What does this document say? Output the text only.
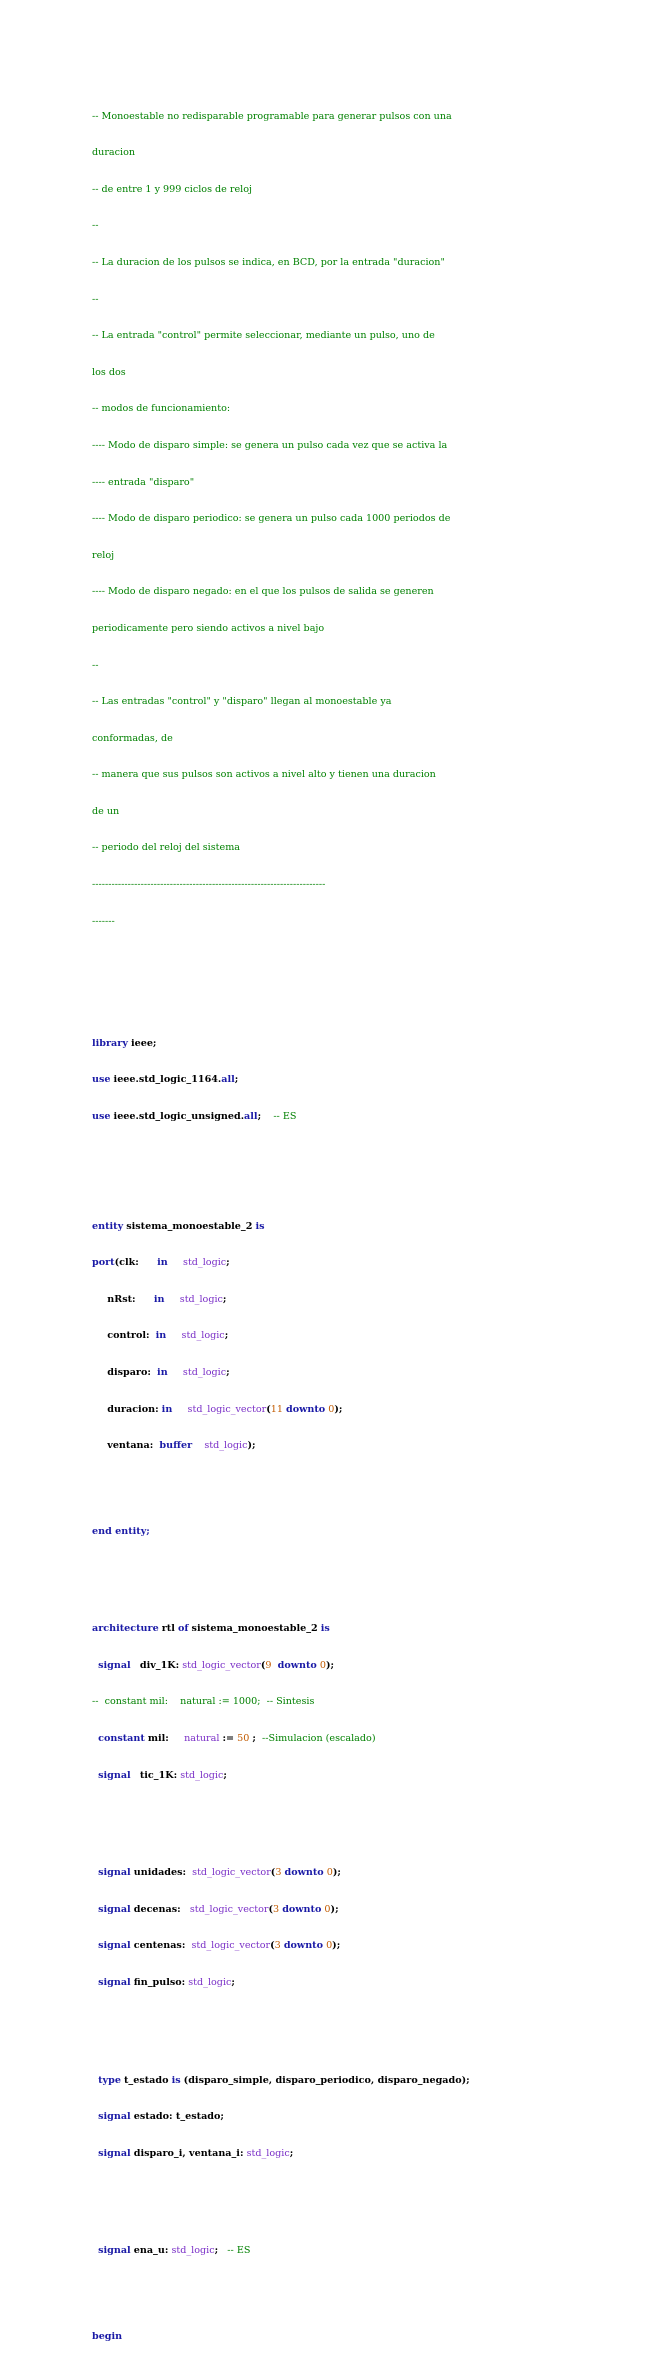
-- Monoestable no redisparable programable para generar pulsos con una

duracion

-- de entre 1 y 999 ciclos de reloj

--

-- La duracion de los pulsos se indica, en BCD, por la entrada "duracion"

--

-- La entrada "control" permite seleccionar, mediante un pulso, uno de

los dos

-- modos de funcionamiento:

---- Modo de disparo simple: se genera un pulso cada vez que se activa la

---- entrada "disparo"

---- Modo de disparo periodico: se genera un pulso cada 1000 periodos de

reloj

---- Modo de disparo negado: en el que los pulsos de salida se generen

periodicamente pero siendo activos a nivel bajo

--

-- Las entradas "control" y "disparo" llegan al monoestable ya

conformadas, de

-- manera que sus pulsos son activos a nivel alto y tienen una duracion

de un

-- periodo del reloj del sistema

------------------------------------------------------------------------

-------

library ieee;

use ieee.std_logic_1164.all;

use ieee.std_logic_unsigned.all; -- ES

entity sistema_monoestable_2 is

port(clk: in std_logic;

nRst: in std_logic;

control: in std_logic;

disparo: in std_logic;

duracion: in std_logic_vector(11 downto 0);

ventana: buffer std_logic);

end entity;

architecture rtl of sistema_monoestable_2 is

signal div_1K: std_logic_vector(9 downto 0);

--  constant mil:    natural := 1000;  -- Sintesis

constant mil: natural := 50 ; --Simulacion (escalado)

signal tic_1K: std_logic;

signal unidades: std_logic_vector(3 downto 0);

signal decenas: std_logic_vector(3 downto 0);

signal centenas: std_logic_vector(3 downto 0);

signal fin_pulso: std_logic;

type t_estado is (disparo_simple, disparo_periodico, disparo_negado);

signal estado: t_estado;

signal disparo_i, ventana_i: std_logic;

signal ena_u: std_logic; -- ES

begin
